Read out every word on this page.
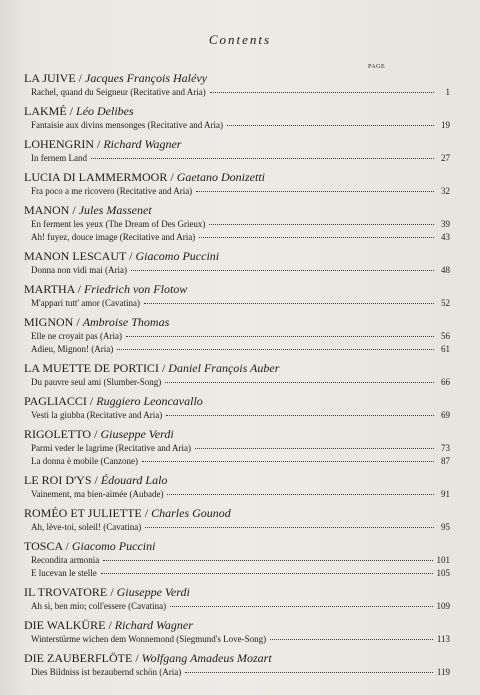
Contents
PAGE
LA JUIVE / Jacques François Halévy
Rachel, quand du Seigneur (Recitative and Aria)	1
LAKMÉ / Léo Delibes
Fantaisie aux divins mensonges (Recitative and Aria)	19
LOHENGRIN / Richard Wagner
In fernem Land	27
LUCIA DI LAMMERMOOR / Gaetano Donizetti
Fra poco a me ricovero (Recitative and Aria)	32
MANON / Jules Massenet
En ferment les yeux (The Dream of Des Grieux)	39
Ah! fuyez, douce image (Recitative and Aria)	43
MANON LESCAUT / Giacomo Puccini
Donna non vidi mai (Aria)	48
MARTHA / Friedrich von Flotow
M'appari tutt' amor (Cavatina)	52
MIGNON / Ambroise Thomas
Elle ne croyait pas (Aria)	56
Adieu, Mignon! (Aria)	61
LA MUETTE DE PORTICI / Daniel François Auber
Du pauvre seul ami (Slumber-Song)	66
PAGLIACCI / Ruggiero Leoncavallo
Vesti la giubba (Recitative and Aria)	69
RIGOLETTO / Giuseppe Verdi
Parmi veder le lagrime (Recitative and Aria)	73
La donna è mobile (Canzone)	87
LE ROI D'YS / Édouard Lalo
Vainement, ma bien-aimée (Aubade)	91
ROMÉO ET JULIETTE / Charles Gounod
Ah, lève-toi, soleil! (Cavatina)	95
TOSCA / Giacomo Puccini
Recondita armonia	101
E lucevan le stelle	105
IL TROVATORE / Giuseppe Verdi
Ah sì, ben mio; coll'essere (Cavatina)	109
DIE WALKÜRE / Richard Wagner
Winterstürme wichen dem Wonnemond (Siegmund's Love-Song)	113
DIE ZAUBERFLÖTE / Wolfgang Amadeus Mozart
Dies Bildniss ist bezaubernd schön (Aria)	119
